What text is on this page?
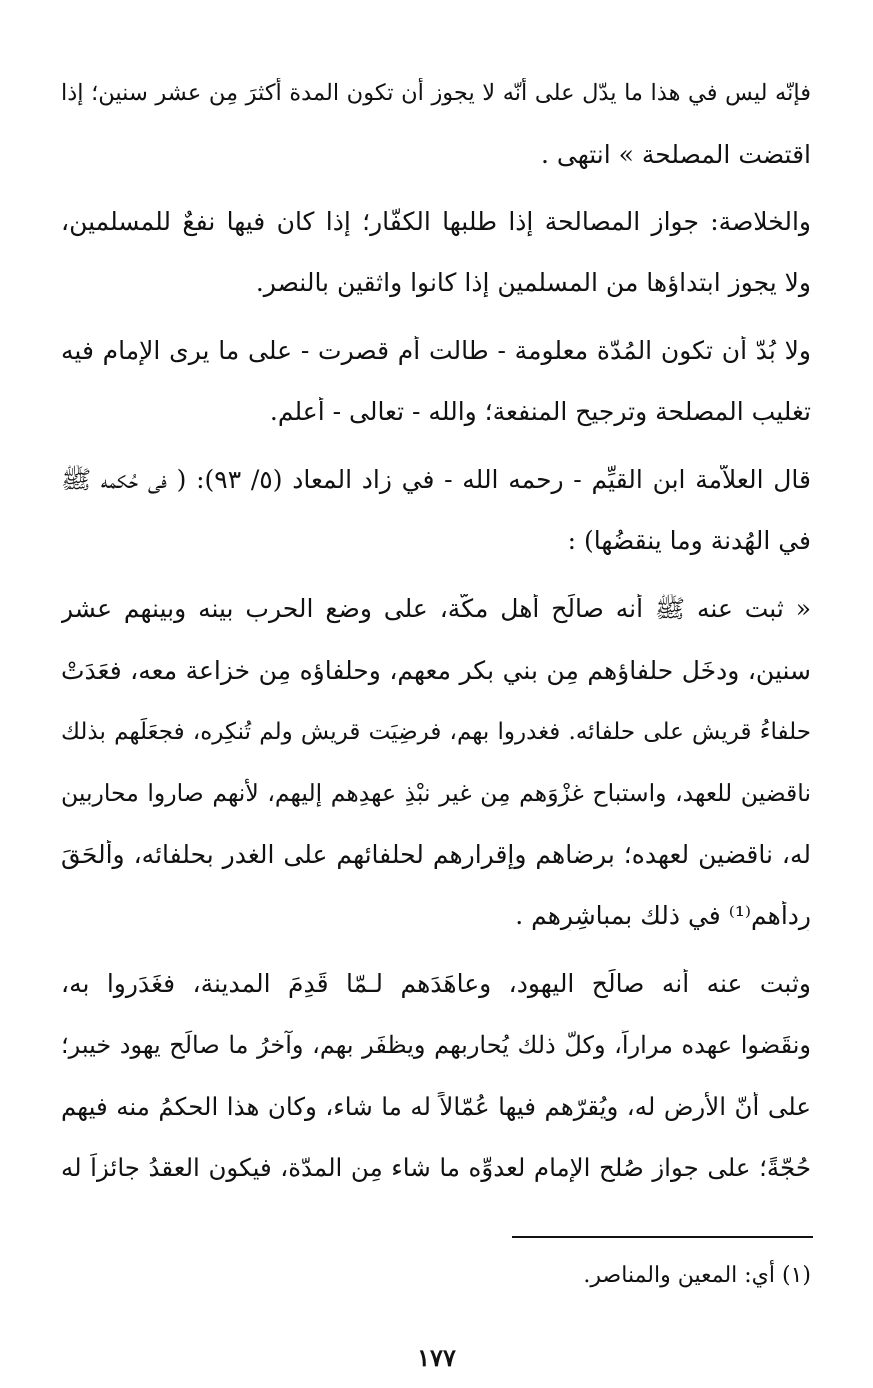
فإنّه ليس في هذا ما يدّل على أنّه لا يجوز أن تكون المدة أكثرَ مِن عشر سنين؛ إذا
اقتضت المصلحة » انتهى .
والخلاصة: جواز المصالحة إذا طلبها الكفّار؛ إذا كان فيها نفعٌ للمسلمين،
ولا يجوز ابتداؤها من المسلمين إذا كانوا واثقين بالنصر.
ولا بُدّ أن تكون المُدّة معلومة - طالت أم قصرت - على ما يرى الإمام فيه
تغليب المصلحة وترجيح المنفعة؛ والله - تعالى - أعلم.
قال العلاّمة ابن القيِّم - رحمه الله - في زاد المعاد (٥/ ٩٣): ( في حُكمه ﷺ
في الهُدنة وما ينقضُها) :
« ثبت عنه ﷺ أنه صالَح أهل مكّة، على وضع الحرب بينه وبينهم عشر
سنين، ودخَل حلفاؤهم مِن بني بكر معهم، وحلفاؤه مِن خزاعة معه، فعَدَتْ
حلفاءُ قريش على حلفائه. فغدروا بهم، فرضِيَت قريش ولم تُنكِره، فجعَلَهم بذلك
ناقضين للعهد، واستباح غزْوَهم مِن غير نبْذِ عهدِهم إليهم، لأنهم صاروا محاربين
له، ناقضين لعهده؛ برضاهم وإقرارهم لحلفائهم على الغدر بحلفائه، وألحَقَ
رِدأهم⁽¹⁾ في ذلك بمباشِرِهم .
وثبت عنه أنه صالَح اليهود، وعاهَدَهم لـمّا قَدِمَ المدينة، فغَدَروا به،
ونقَضوا عهده مراراً، وكلّ ذلك يُحاربهم ويظفَر بهم، وآخرُ ما صالَح يهود خيبر؛
على أنّ الأرض له، ويُقرّهم فيها عُمّالاً له ما شاء، وكان هذا الحكمُ منه فيهم
حُجّةً؛ على جواز صُلح الإمام لعدوِّه ما شاء مِن المدّة، فيكون العقدُ جائزاً له
(١) أي: المعين والمناصر.
١٧٧
